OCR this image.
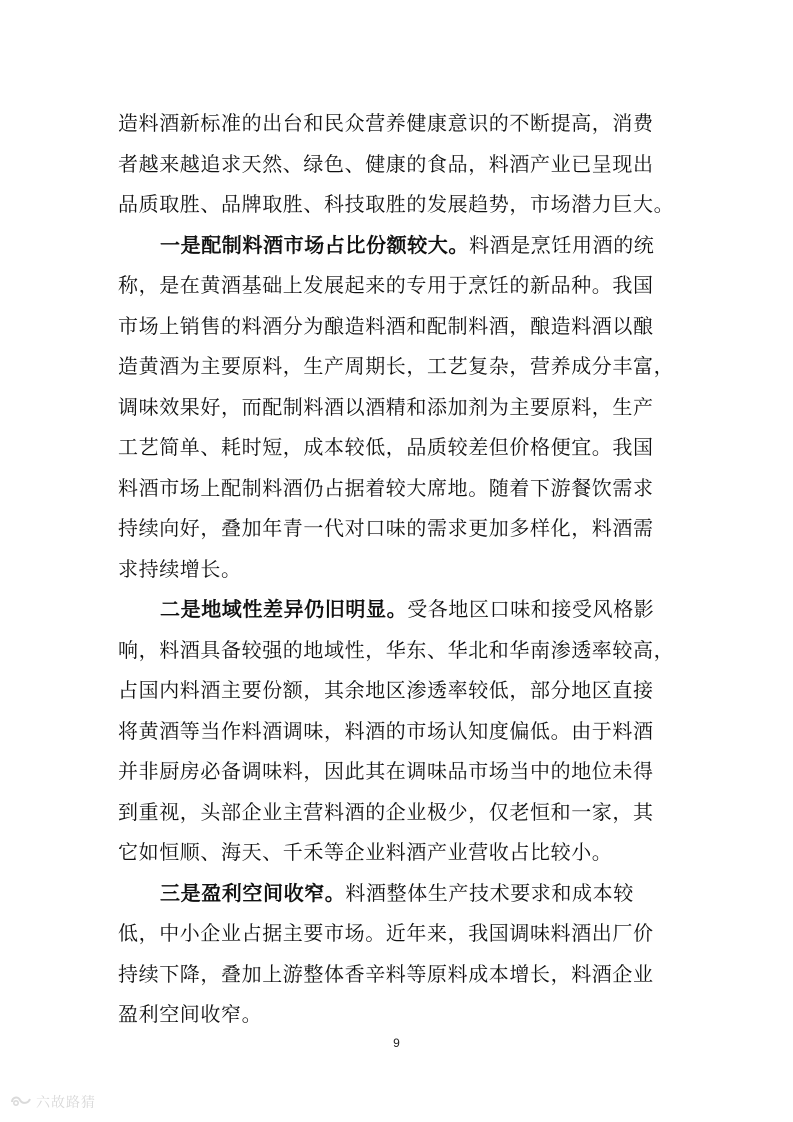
造料酒新标准的出台和民众营养健康意识的不断提高，消费
者越来越追求天然、绿色、健康的食品，料酒产业已呈现出
品质取胜、品牌取胜、科技取胜的发展趋势，市场潜力巨大。
一是配制料酒市场占比份额较大。料酒是烹饪用酒的统
称，是在黄酒基础上发展起来的专用于烹饪的新品种。我国
市场上销售的料酒分为酿造料酒和配制料酒，酿造料酒以酿
造黄酒为主要原料，生产周期长，工艺复杂，营养成分丰富，
调味效果好，而配制料酒以酒精和添加剂为主要原料，生产
工艺简单、耗时短，成本较低，品质较差但价格便宜。我国
料酒市场上配制料酒仍占据着较大席地。随着下游餐饮需求
持续向好，叠加年青一代对口味的需求更加多样化，料酒需
求持续增长。
二是地域性差异仍旧明显。受各地区口味和接受风格影
响，料酒具备较强的地域性，华东、华北和华南渗透率较高，
占国内料酒主要份额，其余地区渗透率较低，部分地区直接
将黄酒等当作料酒调味，料酒的市场认知度偏低。由于料酒
并非厨房必备调味料，因此其在调味品市场当中的地位未得
到重视，头部企业主营料酒的企业极少，仅老恒和一家，其
它如恒顺、海天、千禾等企业料酒产业营收占比较小。
三是盈利空间收窄。料酒整体生产技术要求和成本较
低，中小企业占据主要市场。近年来，我国调味料酒出厂价
持续下降，叠加上游整体香辛料等原料成本增长，料酒企业
盈利空间收窄。
9
六故路猜
